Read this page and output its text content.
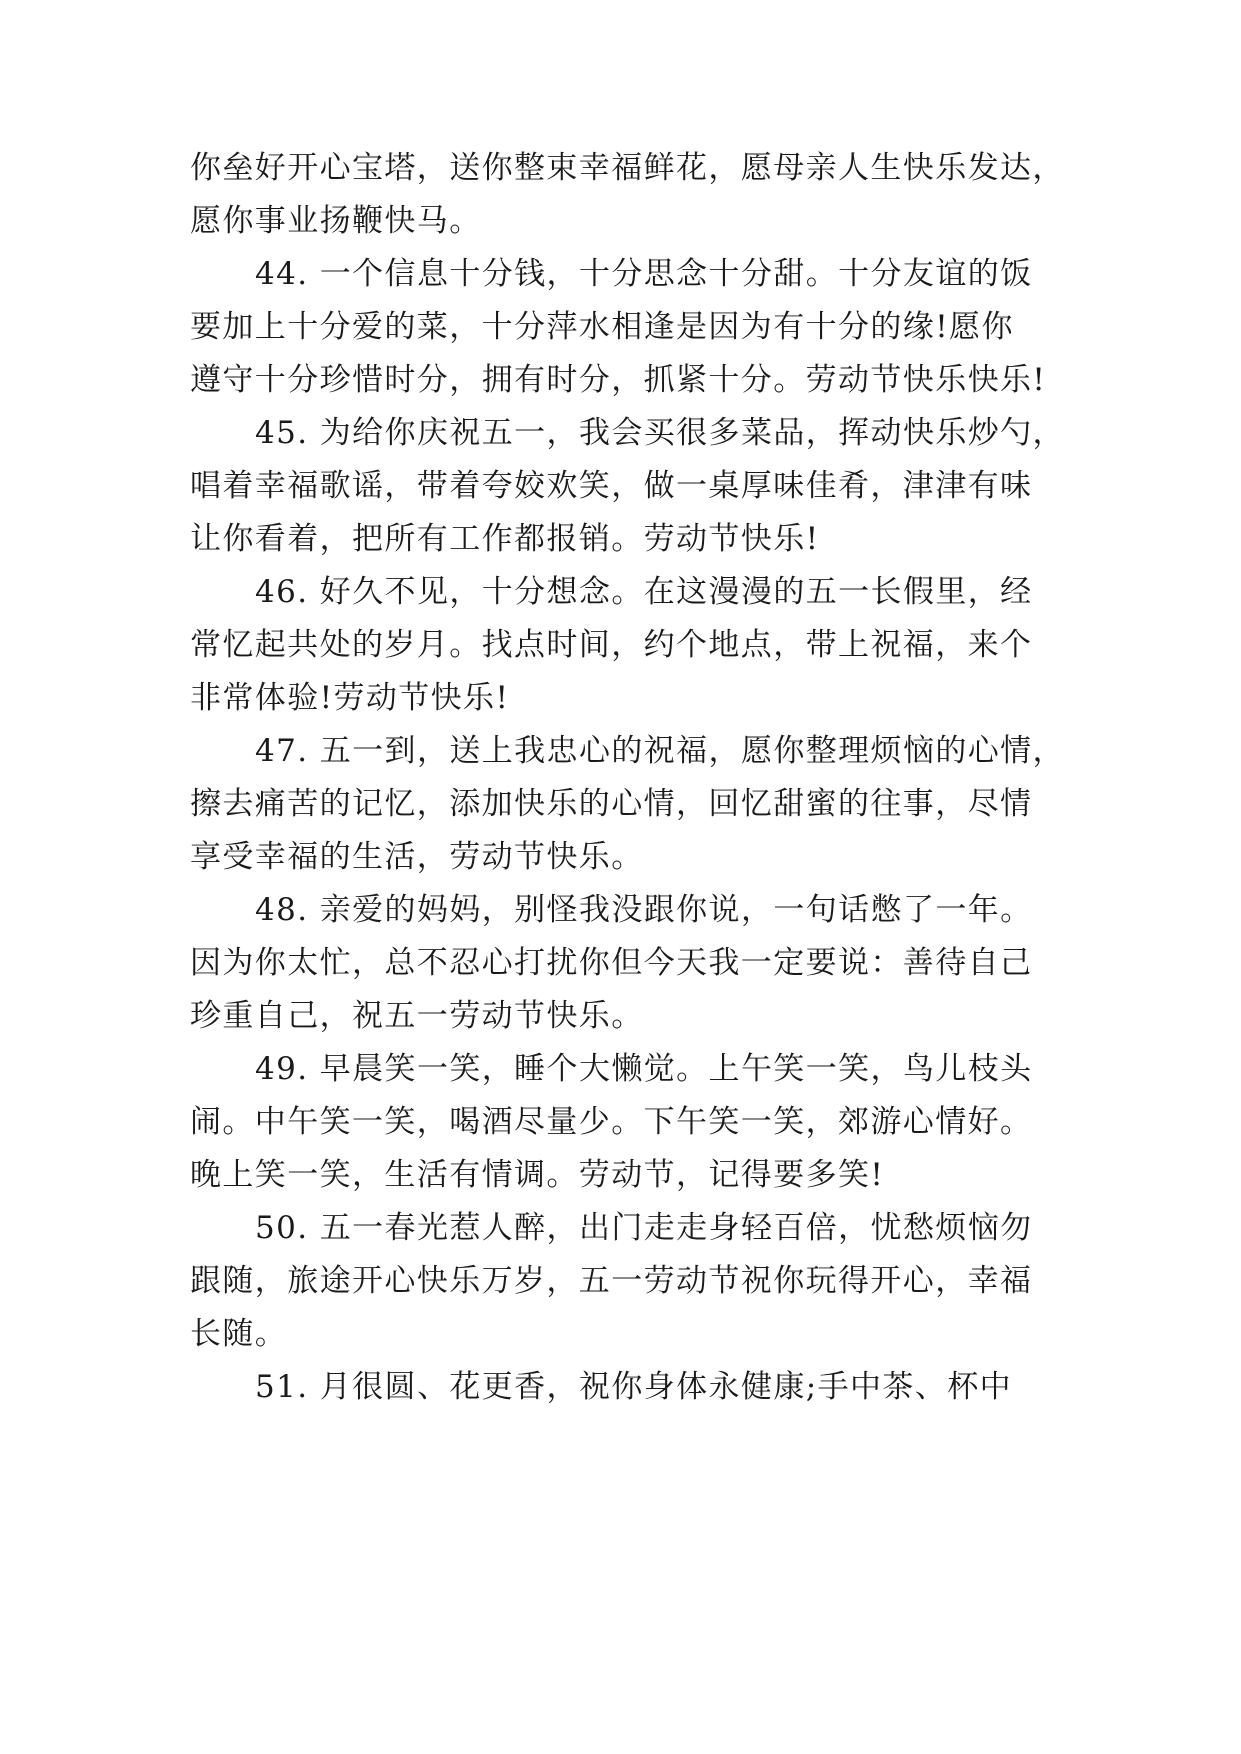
你垒好开心宝塔，送你整束幸福鲜花，愿母亲人生快乐发达，
愿你事业扬鞭快马。
44. 一个信息十分钱，十分思念十分甜。十分友谊的饭
要加上十分爱的菜，十分萍水相逢是因为有十分的缘!愿你
遵守十分珍惜时分，拥有时分，抓紧十分。劳动节快乐快乐!
45. 为给你庆祝五一，我会买很多菜品，挥动快乐炒勺，
唱着幸福歌谣，带着夸姣欢笑，做一桌厚味佳肴，津津有味
让你看着，把所有工作都报销。劳动节快乐!
46. 好久不见，十分想念。在这漫漫的五一长假里，经
常忆起共处的岁月。找点时间，约个地点，带上祝福，来个
非常体验!劳动节快乐!
47. 五一到，送上我忠心的祝福，愿你整理烦恼的心情，
擦去痛苦的记忆，添加快乐的心情，回忆甜蜜的往事，尽情
享受幸福的生活，劳动节快乐。
48. 亲爱的妈妈，别怪我没跟你说，一句话憋了一年。
因为你太忙，总不忍心打扰你但今天我一定要说：善待自己
珍重自己，祝五一劳动节快乐。
49. 早晨笑一笑，睡个大懒觉。上午笑一笑，鸟儿枝头
闹。中午笑一笑，喝酒尽量少。下午笑一笑，郊游心情好。
晚上笑一笑，生活有情调。劳动节，记得要多笑!
50. 五一春光惹人醉，出门走走身轻百倍，忧愁烦恼勿
跟随，旅途开心快乐万岁，五一劳动节祝你玩得开心，幸福
长随。
51. 月很圆、花更香，祝你身体永健康;手中茶、杯中
